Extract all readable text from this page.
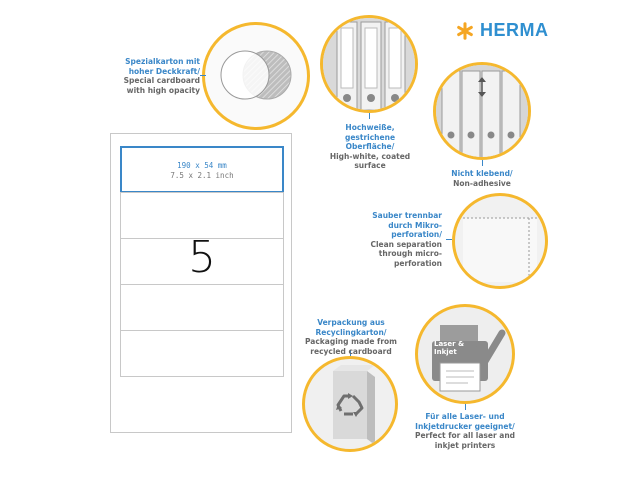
HERMA
190 x 54 mm
7.5 x 2.1 inch
5
Spezialkarton mit
hoher Deckkraft/
Special cardboard
with high opacity
Hochweiße,
gestrichene
Oberfläche/
High-white, coated
surface
Nicht klebend/
Non-adhesive
Sauber trennbar
durch Mikro-
perforation/
Clean separation
through micro-
perforation
Laser &
Inkjet
Für alle Laser- und
Inkjetdrucker geeignet/
Perfect for all laser and
inkjet printers
Verpackung aus
Recyclingkarton/
Packaging made from
recycled cardboard
